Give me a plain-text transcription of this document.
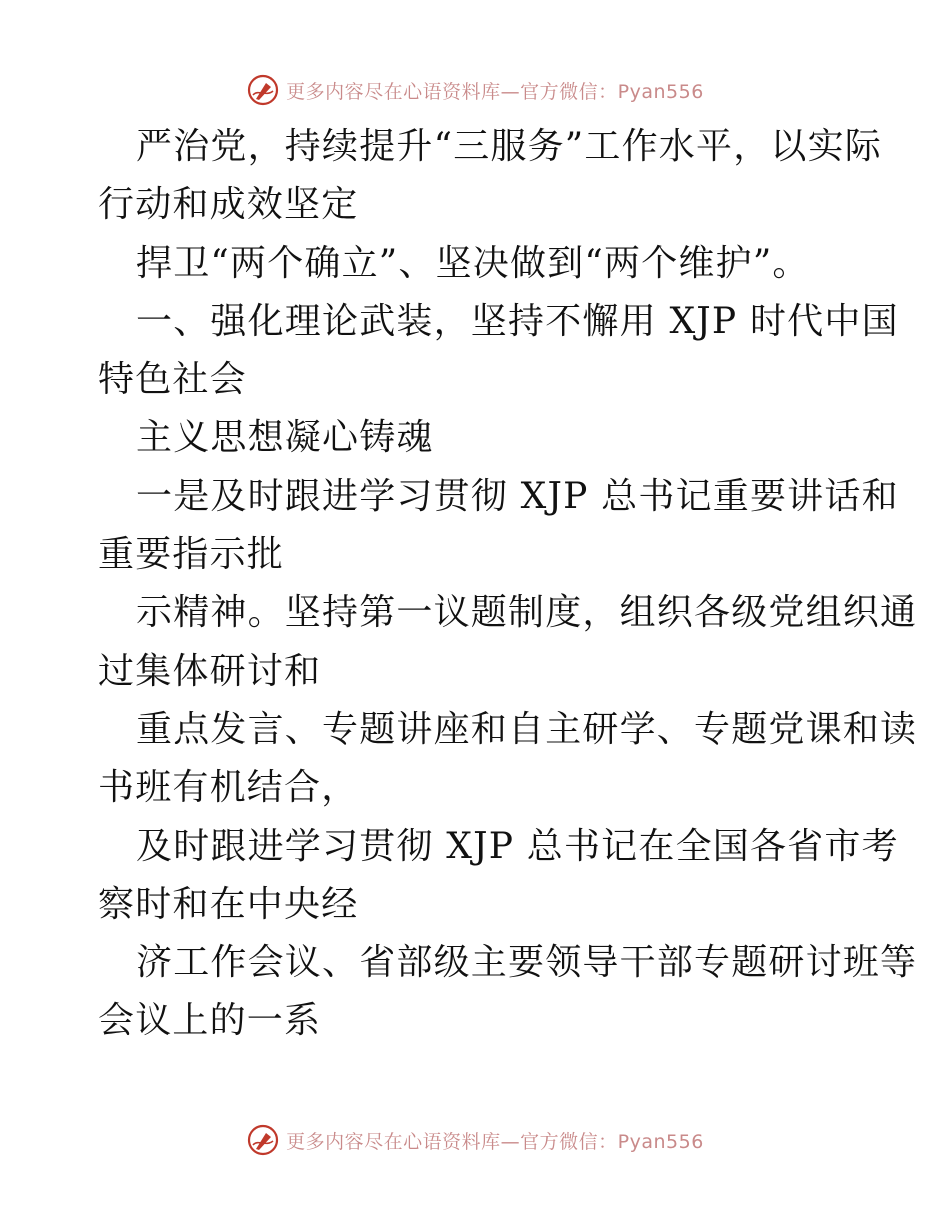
更多内容尽在心语资料库—官方微信：Pyan556
严治党，持续提升“三服务”工作水平，以实际
行动和成效坚定
捍卫“两个确立”、坚决做到“两个维护”。
一、强化理论武装，坚持不懈用 XJP 时代中国
特色社会
主义思想凝心铸魂
一是及时跟进学习贯彻 XJP 总书记重要讲话和
重要指示批
示精神。坚持第一议题制度，组织各级党组织通
过集体研讨和
重点发言、专题讲座和自主研学、专题党课和读
书班有机结合，
及时跟进学习贯彻 XJP 总书记在全国各省市考
察时和在中央经
济工作会议、省部级主要领导干部专题研讨班等
会议上的一系
更多内容尽在心语资料库—官方微信：Pyan556
